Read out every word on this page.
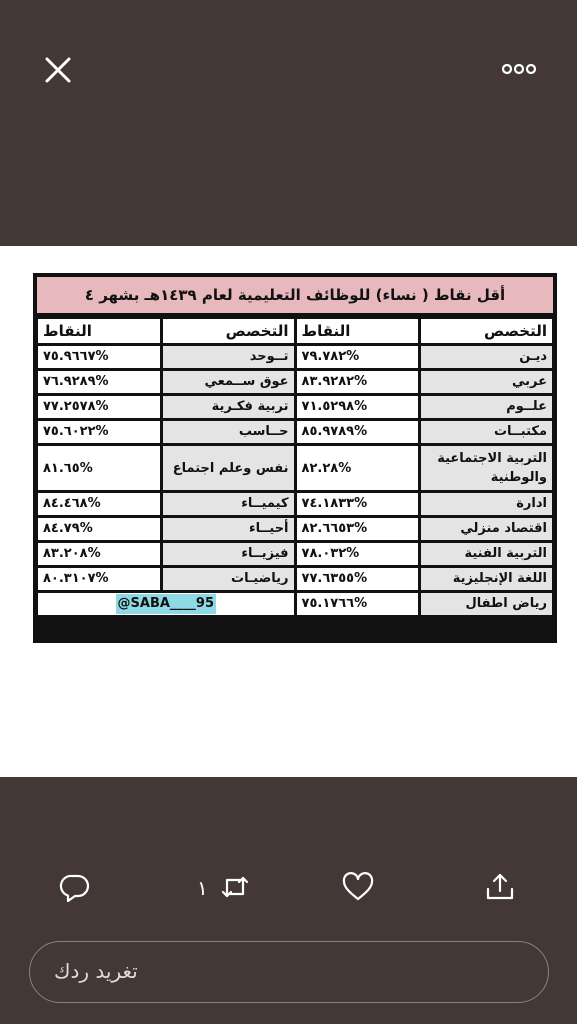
أقل نقاط ( نساء) للوظائف التعليمية لعام ١٤٣٩هـ بشهر ٤
التخصص	النقاط	التخصص	النقاط
ديـن	%٧٩.٧٨٢	تــوحد	%٧٥.٩٦٦٧
عربي	%٨٣.٩٢٨٢	عوق ســمعي	%٧٦.٩٢٨٩
علــوم	%٧١.٥٢٩٨	تربية فكـرية	%٧٧.٢٥٧٨
مكتبــات	%٨٥.٩٧٨٩	حــاسب	%٧٥.٦٠٢٢
التربية الاجتماعية والوطنية	%٨٢.٢٨	نفس وعلم اجتماع	%٨١.٦٥
ادارة	%٧٤.١٨٣٣	كيميــاء	%٨٤.٤٦٨
اقتصاد منزلي	%٨٢.٦٦٥٣	أحيــاء	%٨٤.٧٩
التربية الفنية	%٧٨.٠٣٢	فيزيــاء	%٨٣.٢٠٨
اللغة الإنجليزية	%٧٧.٦٣٥٥	رياضيـات	%٨٠.٣١٠٧
رياض اطفال	%٧٥.١٧٦٦	@SABA____95	
١
تغريد ردك
